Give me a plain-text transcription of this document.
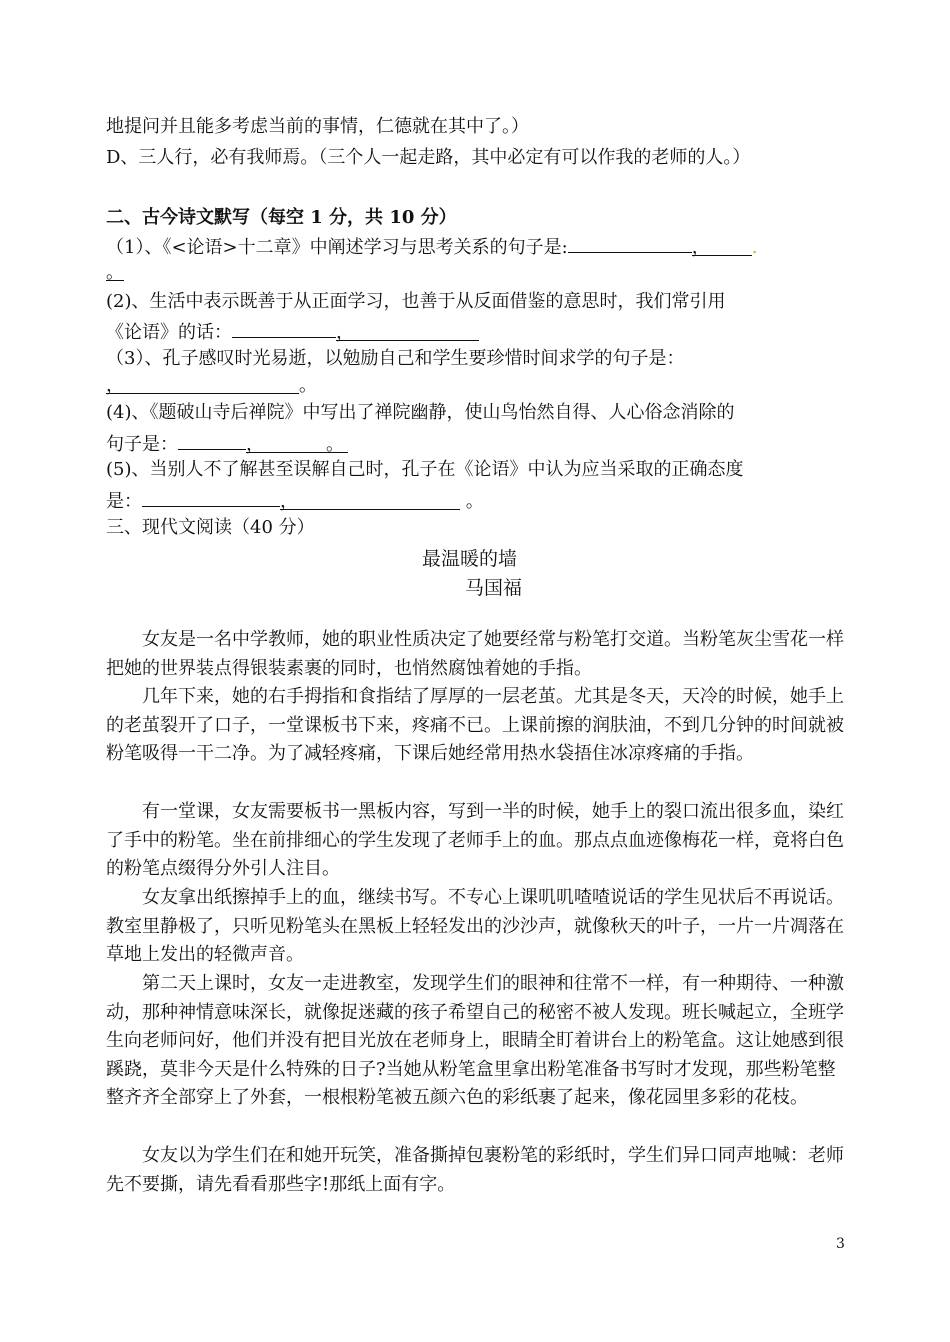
地提问并且能多考虑当前的事情，仁德就在其中了。）
D、三人行，必有我师焉。（三个人一起走路，其中必定有可以作我的老师的人。）
二、古今诗文默写（每空 1 分，共 10 分）
（1）、《<论语>十二章》中阐述学习与思考关系的句子是:	， .
。
(2)、生活中表示既善于从正面学习，也善于从反面借鉴的意思时，我们常引用
《论语》的话：	，
（3）、孔子感叹时光易逝，以勉励自己和学生要珍惜时间求学的句子是：
，	。
(4)、《题破山寺后禅院》中写出了禅院幽静，使山鸟怡然自得、人心俗念消除的
句子是：	，	。
(5)、当别人不了解甚至误解自己时，孔子在《论语》中认为应当采取的正确态度
是：	，	。
三、现代文阅读（40 分）
最温暖的墙
马国福

女友是一名中学教师，她的职业性质决定了她要经常与粉笔打交道。当粉笔灰尘雪花一样把她的世界装点得银装素裹的同时，也悄然腐蚀着她的手指。

几年下来，她的右手拇指和食指结了厚厚的一层老茧。尤其是冬天，天冷的时候，她手上的老茧裂开了口子，一堂课板书下来，疼痛不已。上课前擦的润肤油，不到几分钟的时间就被粉笔吸得一干二净。为了减轻疼痛，下课后她经常用热水袋捂住冰凉疼痛的手指。

有一堂课，女友需要板书一黑板内容，写到一半的时候，她手上的裂口流出很多血，染红了手中的粉笔。坐在前排细心的学生发现了老师手上的血。那点点血迹像梅花一样，竟将白色的粉笔点缀得分外引人注目。

女友拿出纸擦掉手上的血，继续书写。不专心上课叽叽喳喳说话的学生见状后不再说话。教室里静极了，只听见粉笔头在黑板上轻轻发出的沙沙声，就像秋天的叶子，一片一片凋落在草地上发出的轻微声音。

第二天上课时，女友一走进教室，发现学生们的眼神和往常不一样，有一种期待、一种激动，那种神情意味深长，就像捉迷藏的孩子希望自己的秘密不被人发现。班长喊起立，全班学生向老师问好，他们并没有把目光放在老师身上，眼睛全盯着讲台上的粉笔盒。这让她感到很蹊跷，莫非今天是什么特殊的日子?当她从粉笔盒里拿出粉笔准备书写时才发现，那些粉笔整整齐齐全部穿上了外套，一根根粉笔被五颜六色的彩纸裹了起来，像花园里多彩的花枝。

女友以为学生们在和她开玩笑，准备撕掉包裹粉笔的彩纸时，学生们异口同声地喊：老师先不要撕，请先看看那些字!那纸上面有字。

3
